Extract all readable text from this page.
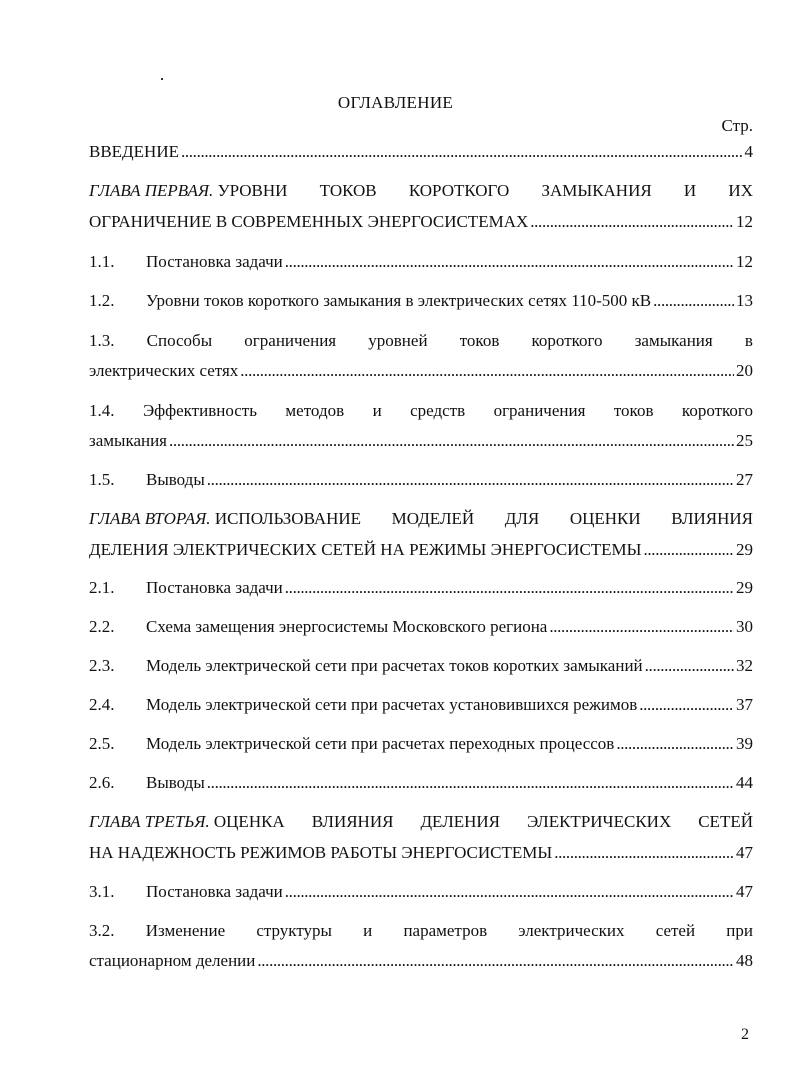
ОГЛАВЛЕНИЕ
Стр.
ВВЕДЕНИЕ . . .	4
ГЛАВА ПЕРВАЯ. УРОВНИ ТОКОВ КОРОТКОГО ЗАМЫКАНИЯ И ИХ
ОГРАНИЧЕНИЕ В СОВРЕМЕННЫХ ЭНЕРГОСИСТЕМАХ . . .	12
1.1. Постановка задачи . . .	12
1.2. Уровни токов короткого замыкания в электрических сетях 110-500 кВ . . .	13
1.3. Способы ограничения уровней токов короткого замыкания в
электрических сетях . . .	20
1.4. Эффективность методов и средств ограничения токов короткого
замыкания . . .	25
1.5. Выводы . . .	27
ГЛАВА ВТОРАЯ. ИСПОЛЬЗОВАНИЕ МОДЕЛЕЙ ДЛЯ ОЦЕНКИ ВЛИЯНИЯ
ДЕЛЕНИЯ ЭЛЕКТРИЧЕСКИХ СЕТЕЙ НА РЕЖИМЫ ЭНЕРГОСИСТЕМЫ . . .	29
2.1. Постановка задачи . . .	29
2.2. Схема замещения энергосистемы Московского региона . . .	30
2.3. Модель электрической сети при расчетах токов коротких замыканий . . .	32
2.4. Модель электрической сети при расчетах установившихся режимов . . .	37
2.5. Модель электрической сети при расчетах переходных процессов . . .	39
2.6. Выводы . . .	44
ГЛАВА ТРЕТЬЯ. ОЦЕНКА ВЛИЯНИЯ ДЕЛЕНИЯ ЭЛЕКТРИЧЕСКИХ СЕТЕЙ
НА НАДЕЖНОСТЬ РЕЖИМОВ РАБОТЫ ЭНЕРГОСИСТЕМЫ . . .	47
3.1. Постановка задачи . . .	47
3.2. Изменение структуры и параметров электрических сетей при
стационарном делении . . .	48
2
